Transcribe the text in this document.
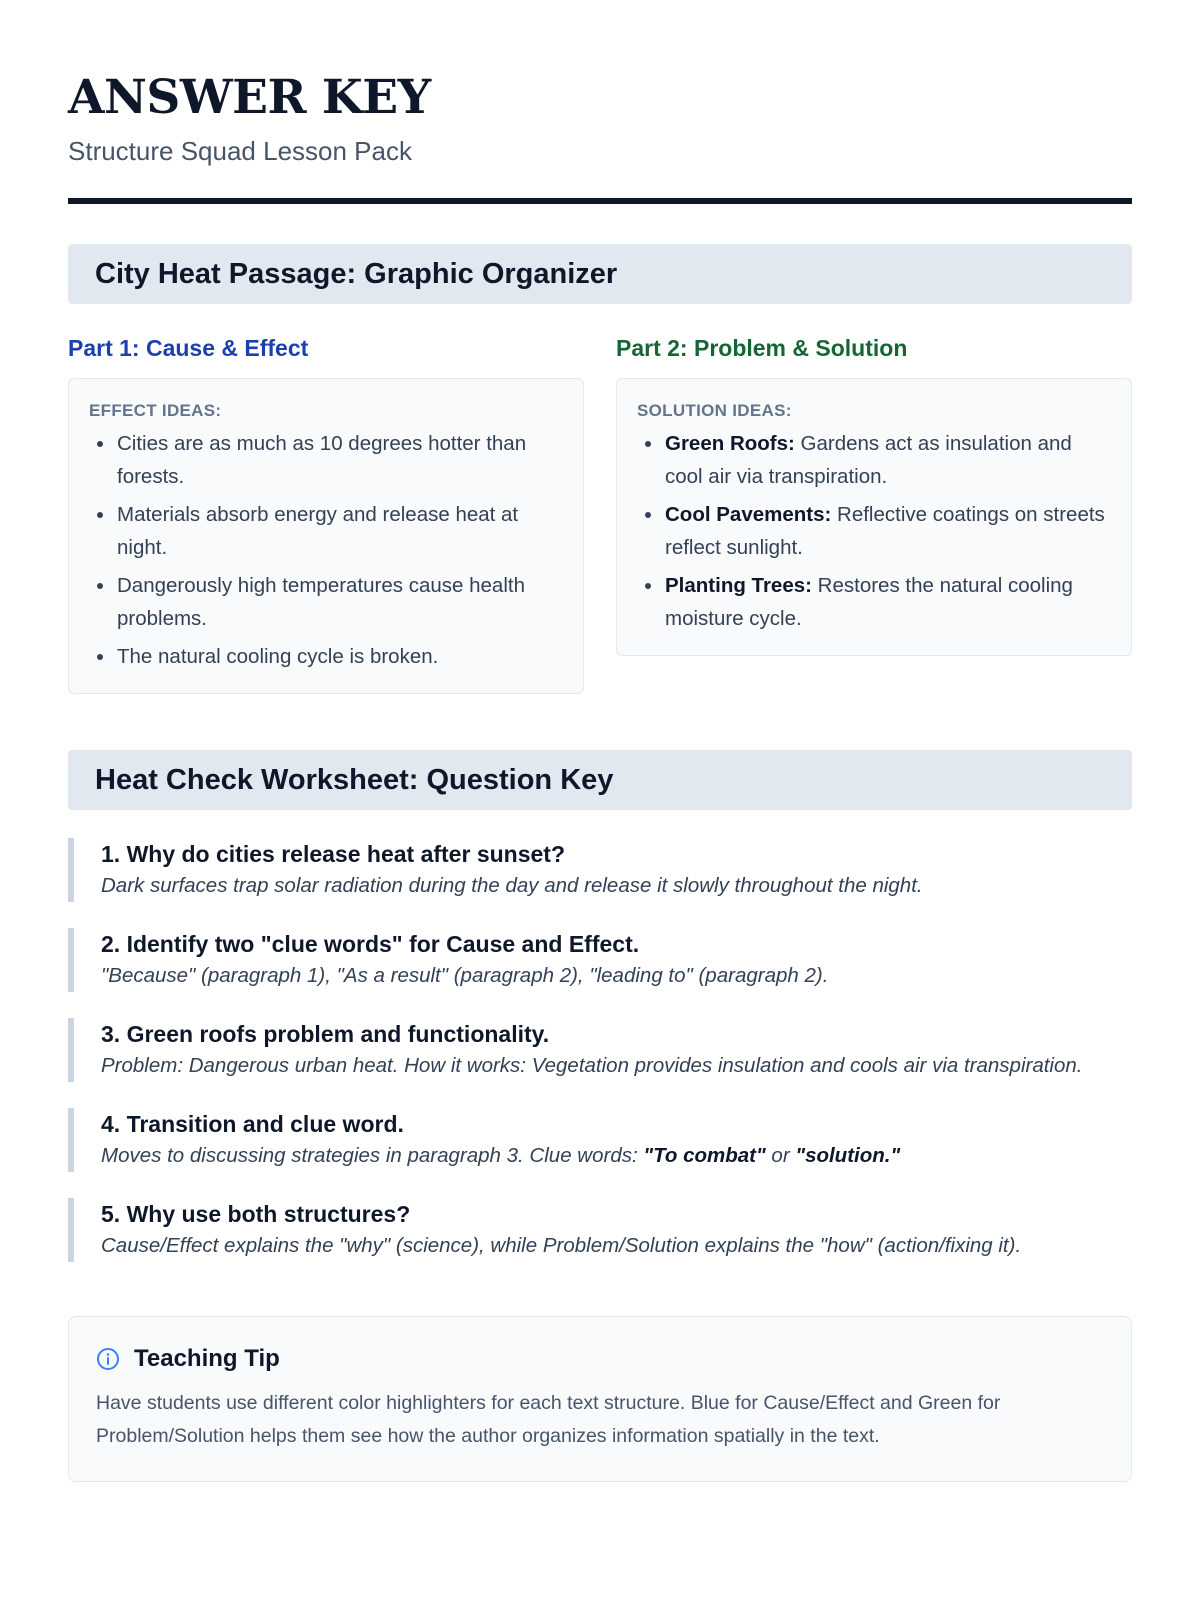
ANSWER KEY
Structure Squad Lesson Pack
City Heat Passage: Graphic Organizer
Part 1: Cause & Effect
EFFECT IDEAS:
Cities are as much as 10 degrees hotter than forests.
Materials absorb energy and release heat at night.
Dangerously high temperatures cause health problems.
The natural cooling cycle is broken.
Part 2: Problem & Solution
SOLUTION IDEAS:
Green Roofs: Gardens act as insulation and cool air via transpiration.
Cool Pavements: Reflective coatings on streets reflect sunlight.
Planting Trees: Restores the natural cooling moisture cycle.
Heat Check Worksheet: Question Key
1. Why do cities release heat after sunset?
Dark surfaces trap solar radiation during the day and release it slowly throughout the night.
2. Identify two "clue words" for Cause and Effect.
"Because" (paragraph 1), "As a result" (paragraph 2), "leading to" (paragraph 2).
3. Green roofs problem and functionality.
Problem: Dangerous urban heat. How it works: Vegetation provides insulation and cools air via transpiration.
4. Transition and clue word.
Moves to discussing strategies in paragraph 3. Clue words: "To combat" or "solution."
5. Why use both structures?
Cause/Effect explains the "why" (science), while Problem/Solution explains the "how" (action/fixing it).
Teaching Tip
Have students use different color highlighters for each text structure. Blue for Cause/Effect and Green for Problem/Solution helps them see how the author organizes information spatially in the text.
